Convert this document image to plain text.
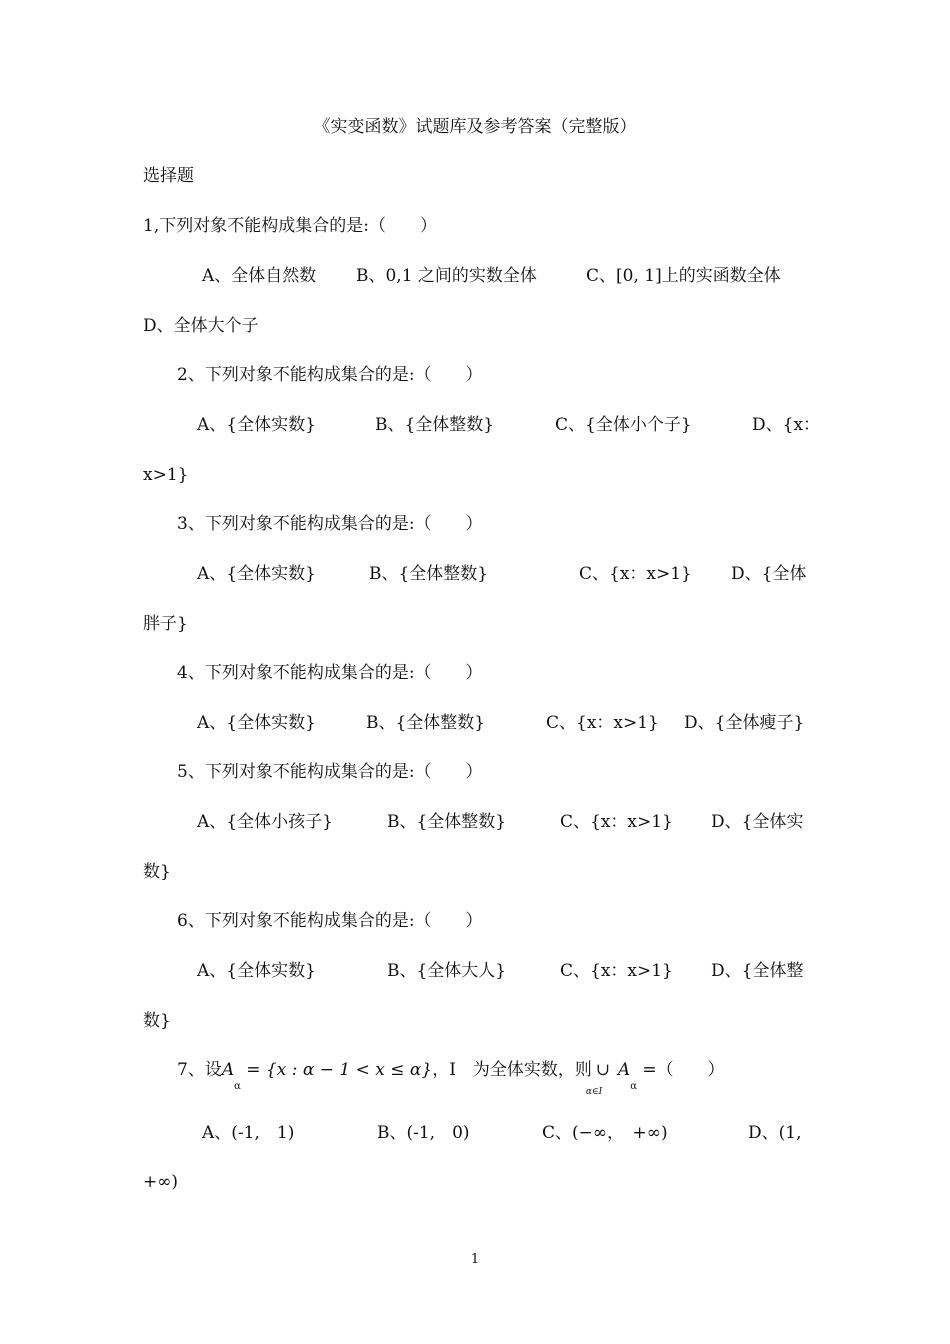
《实变函数》试题库及参考答案（完整版）
选择题
1,下列对象不能构成集合的是:（　　）
A、全体自然数 B、0,1 之间的实数全体	C、[0, 1]上的实函数全体
D、全体大个子
2、下列对象不能构成集合的是:（　　）
A、{全体实数}	B、{全体整数}	C、{全体小个子}	D、{x：
x>1}
3、下列对象不能构成集合的是:（　　）
A、{全体实数}	B、{全体整数}	C、{x：x>1} D、{全体
胖子}
4、下列对象不能构成集合的是:（　　）
A、{全体实数}	B、{全体整数}	C、{x：x>1} D、{全体瘦子}
5、下列对象不能构成集合的是:（　　）
A、{全体小孩子}	B、{全体整数}	C、{x：x>1} D、{全体实
数}
6、下列对象不能构成集合的是:（　　）
A、{全体实数}	B、{全体大人}	C、{x：x>1} D、{全体整
数}
7、设$A_\alpha = \{x$ : α − 1 < x ≤ α}，I　为全体实数，则 ∪
α∈I
$A_\alpha$ =（　　）
A、(-1,　1)	B、(-1,　0)	C、(−∞，　+∞)	D、(1,
+∞)
1
